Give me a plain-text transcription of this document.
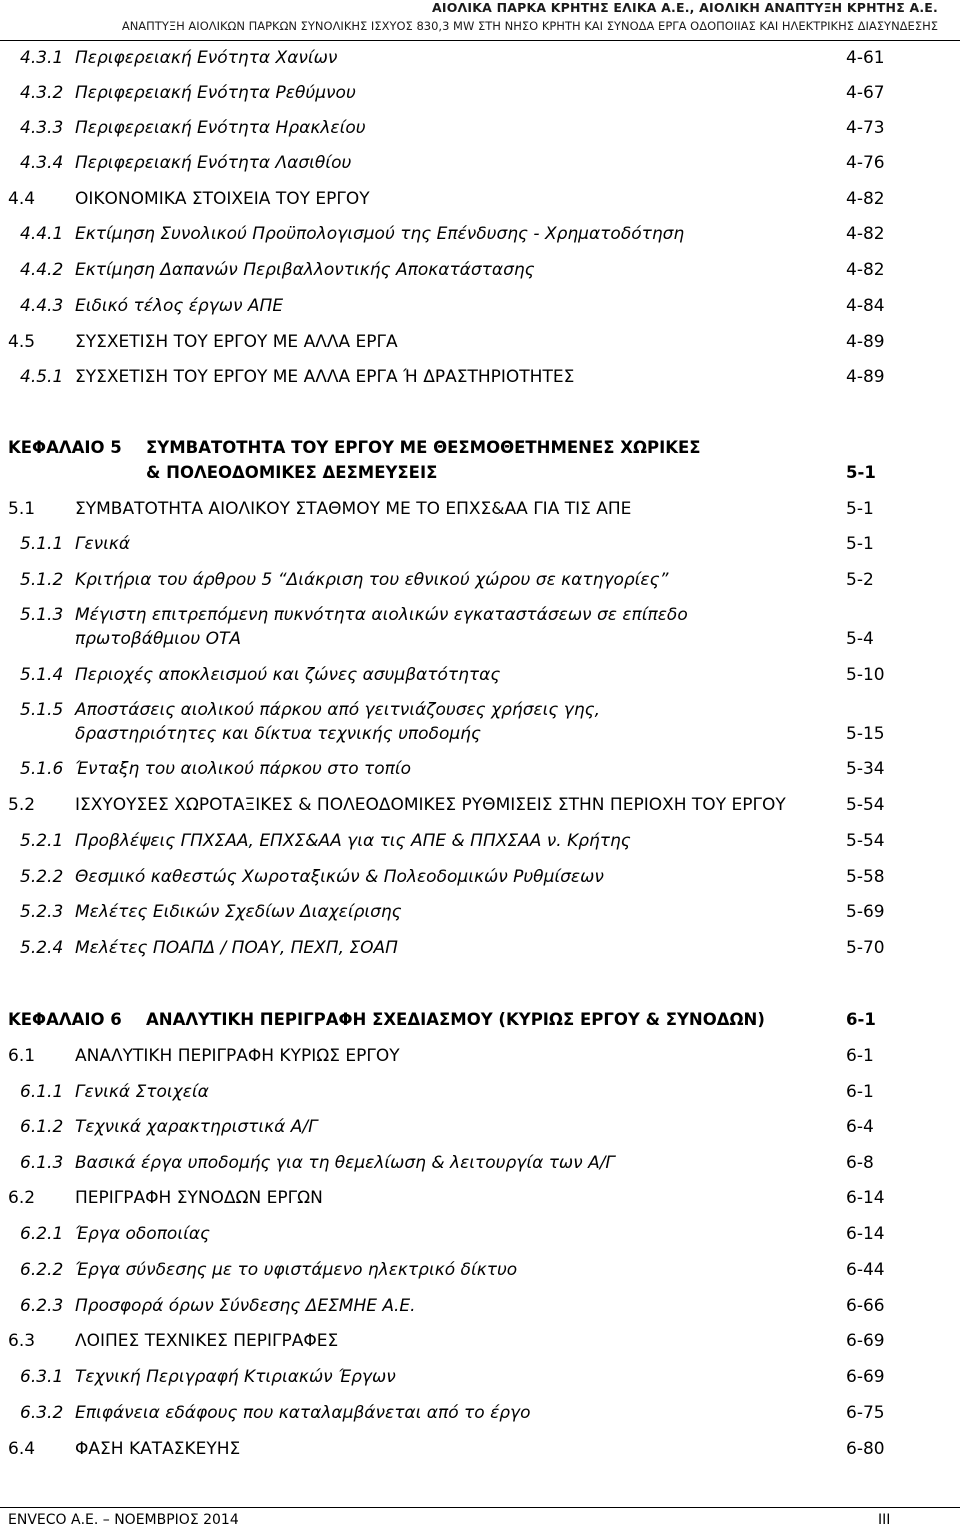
ΑΙΟΛΙΚΑ ΠΑΡΚΑ ΚΡΗΤΗΣ ΕΛΙΚΑ Α.Ε., ΑΙΟΛΙΚΗ ΑΝΑΠΤΥΞΗ ΚΡΗΤΗΣ Α.Ε.
ΑΝΑΠΤΥΞΗ ΑΙΟΛΙΚΩΝ ΠΑΡΚΩΝ ΣΥΝΟΛΙΚΗΣ ΙΣΧΥΟΣ 830,3 MW ΣΤΗ ΝΗΣΟ ΚΡΗΤΗ ΚΑΙ ΣΥΝΟΔΑ ΕΡΓΑ ΟΔΟΠΟΙΙΑΣ ΚΑΙ ΗΛΕΚΤΡΙΚΗΣ ΔΙΑΣΥΝΔΕΣΗΣ
4.3.1 Περιφερειακή Ενότητα Χανίων	4-61
4.3.2 Περιφερειακή Ενότητα Ρεθύμνου	4-67
4.3.3 Περιφερειακή Ενότητα Ηρακλείου	4-73
4.3.4 Περιφερειακή Ενότητα Λασιθίου	4-76
4.4 ΟΙΚΟΝΟΜΙΚΑ ΣΤΟΙΧΕΙΑ ΤΟΥ ΕΡΓΟΥ	4-82
4.4.1 Εκτίμηση Συνολικού Προϋπολογισμού της Επένδυσης - Χρηματοδότηση	4-82
4.4.2 Εκτίμηση Δαπανών Περιβαλλοντικής Αποκατάστασης	4-82
4.4.3 Ειδικό τέλος έργων ΑΠΕ	4-84
4.5 ΣΥΣΧΕΤΙΣΗ ΤΟΥ ΕΡΓΟΥ ΜΕ ΑΛΛΑ ΕΡΓΑ	4-89
4.5.1 ΣΥΣΧΕΤΙΣΗ ΤΟΥ ΕΡΓΟΥ ΜΕ ΑΛΛΑ ΕΡΓΑ Ή ΔΡΑΣΤΗΡΙΟΤΗΤΕΣ	4-89
ΚΕΦΑΛΑΙΟ 5 ΣΥΜΒΑΤΟΤΗΤΑ ΤΟΥ ΕΡΓΟΥ ΜΕ ΘΕΣΜΟΘΕΤΗΜΕΝΕΣ ΧΩΡΙΚΕΣ
& ΠΟΛΕΟΔΟΜΙΚΕΣ ΔΕΣΜΕΥΣΕΙΣ	5-1
5.1 ΣΥΜΒΑΤΟΤΗΤΑ ΑΙΟΛΙΚΟΥ ΣΤΑΘΜΟΥ ΜΕ ΤΟ ΕΠΧΣ&ΑΑ ΓΙΑ ΤΙΣ ΑΠΕ	5-1
5.1.1 Γενικά	5-1
5.1.2 Κριτήρια του άρθρου 5 “Διάκριση του εθνικού χώρου σε κατηγορίες”	5-2
5.1.3 Μέγιστη επιτρεπόμενη πυκνότητα αιολικών εγκαταστάσεων σε επίπεδο
πρωτοβάθμιου ΟΤΑ	5-4
5.1.4 Περιοχές αποκλεισμού και ζώνες ασυμβατότητας	5-10
5.1.5 Αποστάσεις αιολικού πάρκου από γειτνιάζουσες χρήσεις γης,
δραστηριότητες και δίκτυα τεχνικής υποδομής	5-15
5.1.6 Ένταξη του αιολικού πάρκου στο τοπίο	5-34
5.2 ΙΣΧΥΟΥΣΕΣ ΧΩΡΟΤΑΞΙΚΕΣ & ΠΟΛΕΟΔΟΜΙΚΕΣ ΡΥΘΜΙΣΕΙΣ ΣΤΗΝ ΠΕΡΙΟΧΗ ΤΟΥ ΕΡΓΟΥ	5-54
5.2.1 Προβλέψεις ΓΠΧΣΑΑ, ΕΠΧΣ&ΑΑ για τις ΑΠΕ & ΠΠΧΣΑΑ ν. Κρήτης	5-54
5.2.2 Θεσμικό καθεστώς Χωροταξικών & Πολεοδομικών Ρυθμίσεων	5-58
5.2.3 Μελέτες Ειδικών Σχεδίων Διαχείρισης	5-69
5.2.4 Μελέτες ΠΟΑΠΔ / ΠΟΑΥ, ΠΕΧΠ, ΣΟΑΠ	5-70
ΚΕΦΑΛΑΙΟ 6 ΑΝΑΛΥΤΙΚΗ ΠΕΡΙΓΡΑΦΗ ΣΧΕΔΙΑΣΜΟΥ (ΚΥΡΙΩΣ ΕΡΓΟΥ & ΣΥΝΟΔΩΝ)	6-1
6.1 ΑΝΑΛΥΤΙΚΗ ΠΕΡΙΓΡΑΦΗ ΚΥΡΙΩΣ ΕΡΓΟΥ	6-1
6.1.1 Γενικά Στοιχεία	6-1
6.1.2 Τεχνικά χαρακτηριστικά Α/Γ	6-4
6.1.3 Βασικά έργα υποδομής για τη θεμελίωση & λειτουργία των Α/Γ	6-8
6.2 ΠΕΡΙΓΡΑΦΗ ΣΥΝΟΔΩΝ ΕΡΓΩΝ	6-14
6.2.1 Έργα οδοποιίας	6-14
6.2.2 Έργα σύνδεσης με το υφιστάμενο ηλεκτρικό δίκτυο	6-44
6.2.3 Προσφορά όρων Σύνδεσης ΔΕΣΜΗΕ Α.Ε.	6-66
6.3 ΛΟΙΠΕΣ ΤΕΧΝΙΚΕΣ ΠΕΡΙΓΡΑΦΕΣ	6-69
6.3.1 Τεχνική Περιγραφή Κτιριακών Έργων	6-69
6.3.2 Επιφάνεια εδάφους που καταλαμβάνεται από το έργο	6-75
6.4 ΦΑΣΗ ΚΑΤΑΣΚΕΥΗΣ	6-80
ENVECO Α.Ε. – ΝΟΕΜΒΡΙΟΣ 2014	III
